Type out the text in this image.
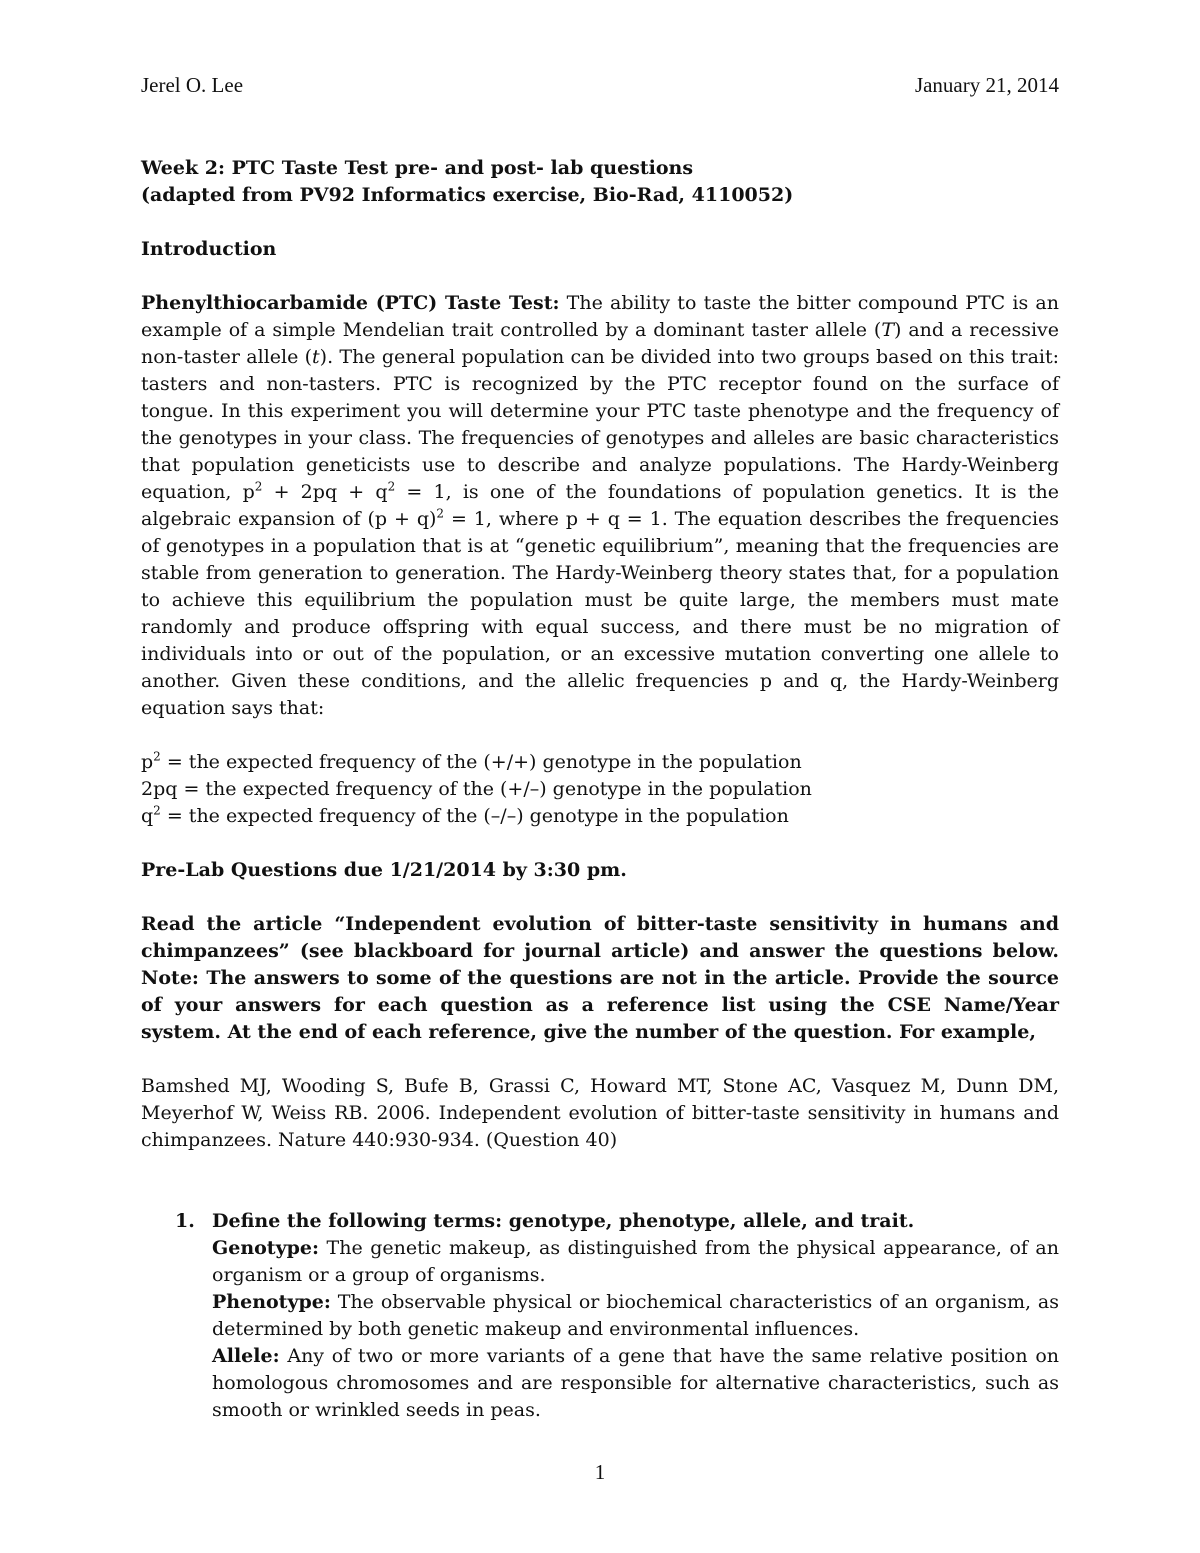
Jerel O. Lee	January 21, 2014
Week 2: PTC Taste Test pre- and post- lab questions
(adapted from PV92 Informatics exercise, Bio-Rad, 4110052)
Introduction

Phenylthiocarbamide (PTC) Taste Test: The ability to taste the bitter compound PTC is an example of a simple Mendelian trait controlled by a dominant taster allele (T) and a recessive non-taster allele (t). The general population can be divided into two groups based on this trait: tasters and non-tasters. PTC is recognized by the PTC receptor found on the surface of tongue. In this experiment you will determine your PTC taste phenotype and the frequency of the genotypes in your class. The frequencies of genotypes and alleles are basic characteristics that population geneticists use to describe and analyze populations. The Hardy-Weinberg equation, $p^2 + 2pq + q^2 = 1$, is one of the foundations of population genetics. It is the algebraic expansion of $(p + q)^2 = 1$, where p + q = 1. The equation describes the frequencies of genotypes in a population that is at “genetic equilibrium”, meaning that the frequencies are stable from generation to generation. The Hardy-Weinberg theory states that, for a population to achieve this equilibrium the population must be quite large, the members must mate randomly and produce offspring with equal success, and there must be no migration of individuals into or out of the population, or an excessive mutation converting one allele to another. Given these conditions, and the allelic frequencies p and q, the Hardy-Weinberg equation says that:

$p^2$ = the expected frequency of the (+/+) genotype in the population
2pq = the expected frequency of the (+/–) genotype in the population
$q^2$ = the expected frequency of the (–/–) genotype in the population
Pre-Lab Questions due 1/21/2014 by 3:30 pm.
Read the article “Independent evolution of bitter-taste sensitivity in humans and chimpanzees” (see blackboard for journal article) and answer the questions below. Note: The answers to some of the questions are not in the article. Provide the source of your answers for each question as a reference list using the CSE Name/Year system. At the end of each reference, give the number of the question. For example,
Bamshed MJ, Wooding S, Bufe B, Grassi C, Howard MT, Stone AC, Vasquez M, Dunn DM, Meyerhof W, Weiss RB. 2006. Independent evolution of bitter-taste sensitivity in humans and chimpanzees. Nature 440:930-934. (Question 40)
1. Define the following terms: genotype, phenotype, allele, and trait.
Genotype: The genetic makeup, as distinguished from the physical appearance, of an organism or a group of organisms.
Phenotype: The observable physical or biochemical characteristics of an organism, as determined by both genetic makeup and environmental influences.
Allele: Any of two or more variants of a gene that have the same relative position on homologous chromosomes and are responsible for alternative characteristics, such as smooth or wrinkled seeds in peas.
1
